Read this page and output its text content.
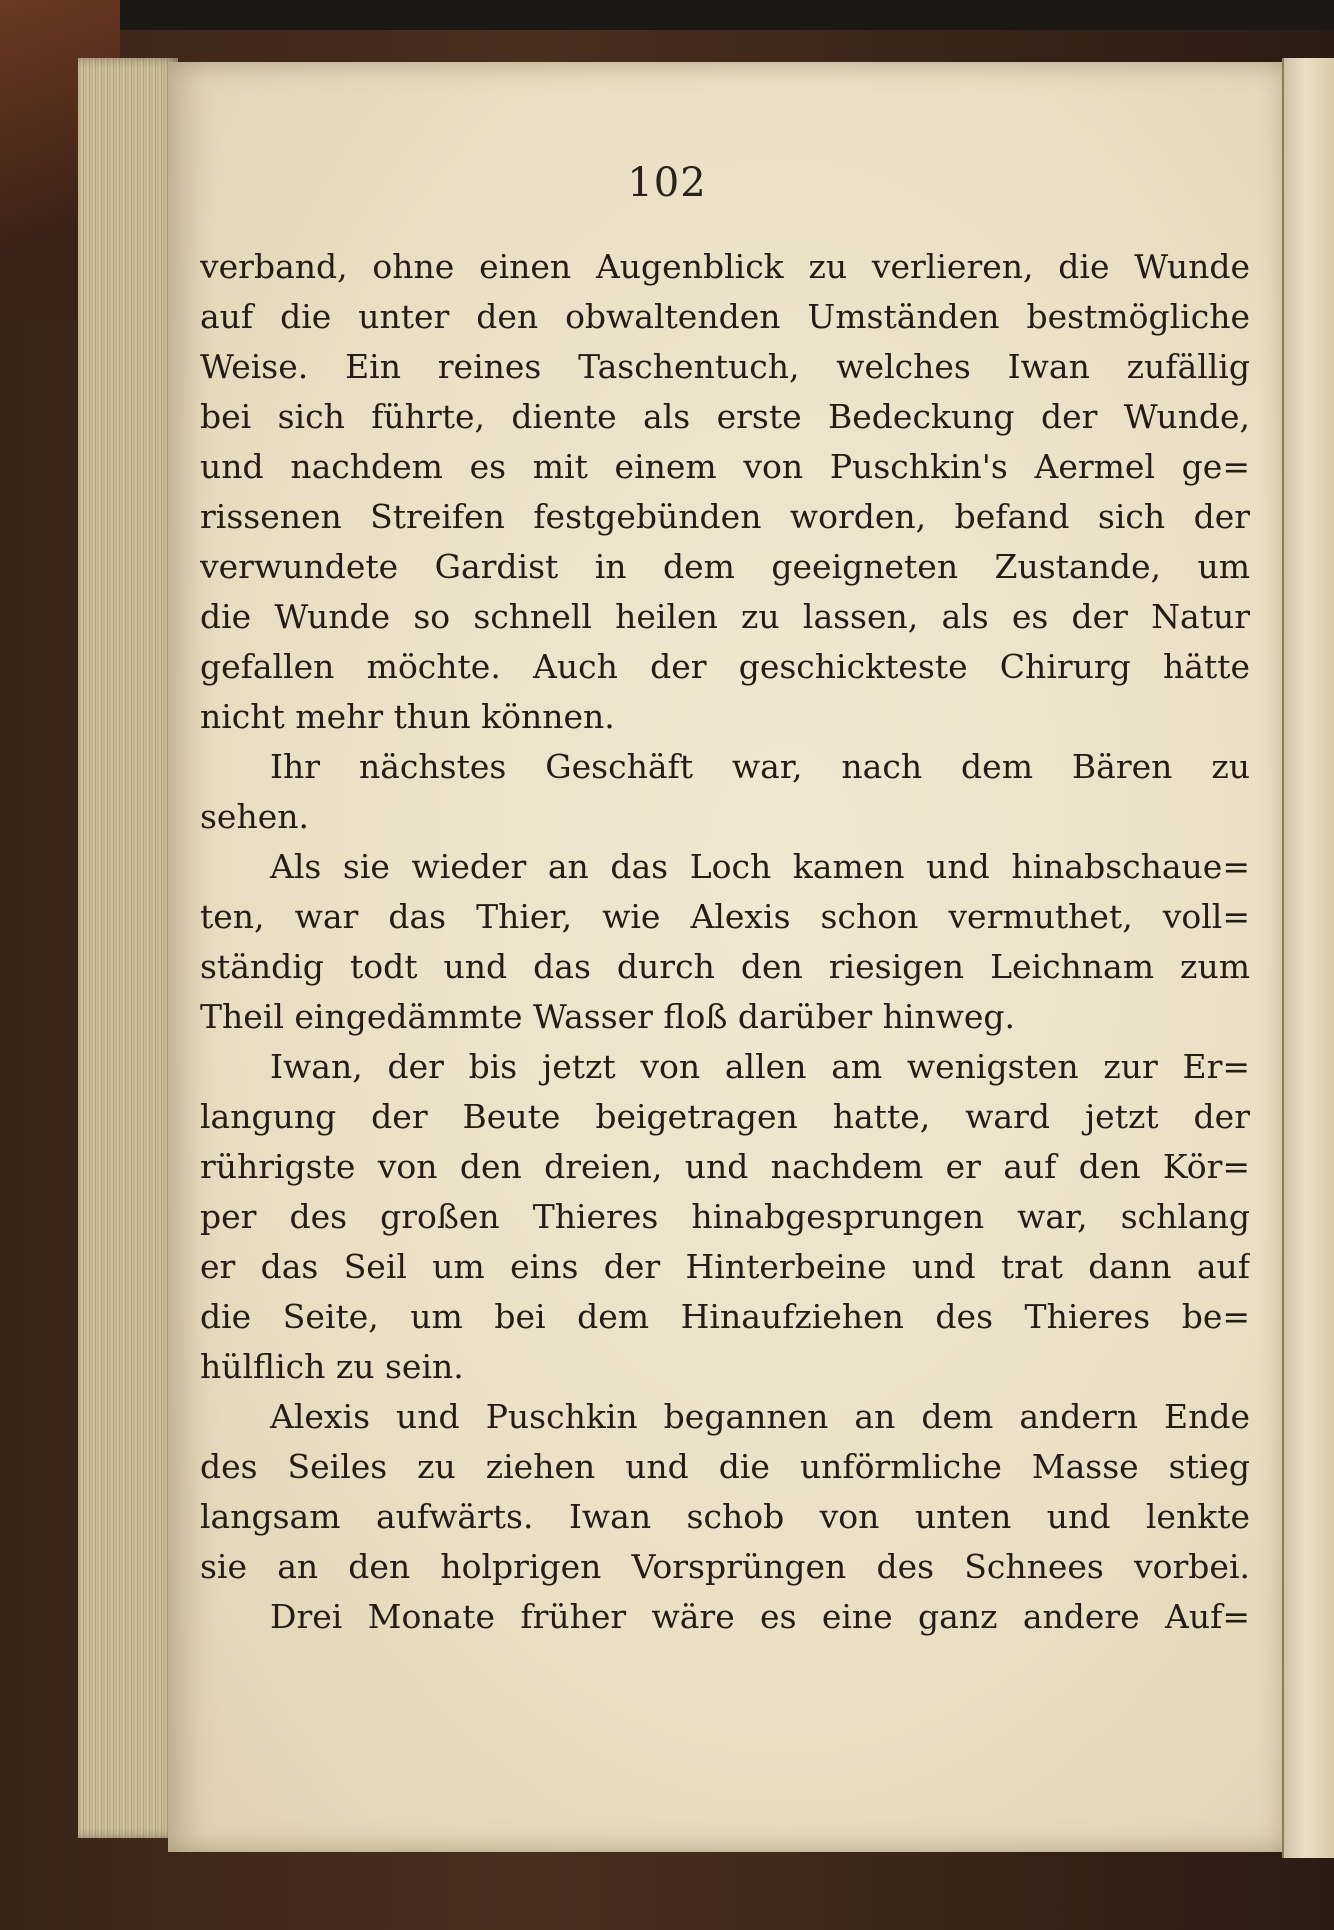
102
verband, ohne einen Augenblick zu verlieren, die Wunde
auf die unter den obwaltenden Umständen bestmögliche
Weise. Ein reines Taschentuch, welches Iwan zufällig
bei sich führte, diente als erste Bedeckung der Wunde,
und nachdem es mit einem von Puschkin's Aermel ge=
rissenen Streifen festgebünden worden, befand sich der
verwundete Gardist in dem geeigneten Zustande, um
die Wunde so schnell heilen zu lassen, als es der Natur
gefallen möchte. Auch der geschickteste Chirurg hätte
nicht mehr thun können.
Ihr nächstes Geschäft war, nach dem Bären zu
sehen.
Als sie wieder an das Loch kamen und hinabschaue=
ten, war das Thier, wie Alexis schon vermuthet, voll=
ständig todt und das durch den riesigen Leichnam zum
Theil eingedämmte Wasser floß darüber hinweg.
Iwan, der bis jetzt von allen am wenigsten zur Er=
langung der Beute beigetragen hatte, ward jetzt der
rührigste von den dreien, und nachdem er auf den Kör=
per des großen Thieres hinabgesprungen war, schlang
er das Seil um eins der Hinterbeine und trat dann auf
die Seite, um bei dem Hinaufziehen des Thieres be=
hülflich zu sein.
Alexis und Puschkin begannen an dem andern Ende
des Seiles zu ziehen und die unförmliche Masse stieg
langsam aufwärts. Iwan schob von unten und lenkte
sie an den holprigen Vorsprüngen des Schnees vorbei.
Drei Monate früher wäre es eine ganz andere Auf=
